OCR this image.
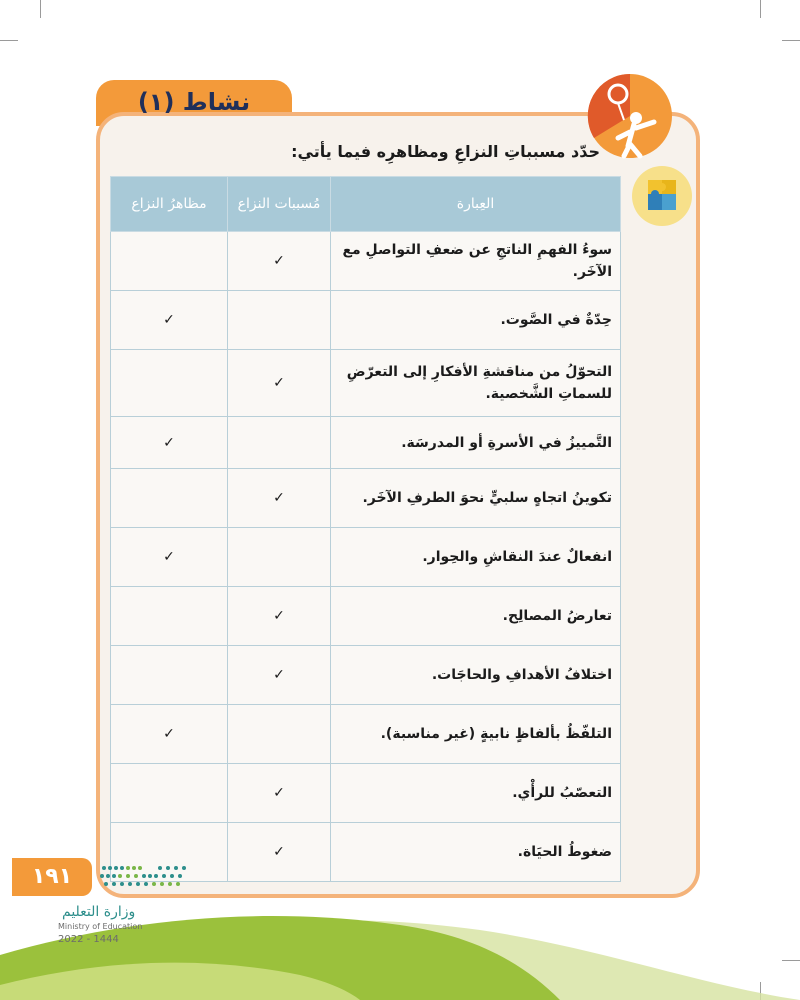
نشاط (١)
حدّد مسبباتِ النزاعِ ومظاهرِه فيما يأتي:
العِبارة	مُسببات النزاع	مظاهرُ النزاع
سوءُ الفهمِ الناتجِ عن ضعفِ التواصلِ مع الآخَر.	✓	
حِدّةٌ في الصَّوت.		✓
التحوّلُ من مناقشةِ الأفكارِ إلى التعرّضِ للسماتِ الشَّخصية.	✓	
التَّمييزُ في الأسرةِ أو المدرسَة.		✓
تكوينُ اتجاهٍ سلبيٍّ نحوَ الطرفِ الآخَر.	✓	
انفعالٌ عندَ النقاشِ والحِوار.		✓
تعارضُ المصالِح.	✓	
اختلافُ الأهدافِ والحاجَات.	✓	
التلفّظُ بألفاظٍ نابيةٍ (غير مناسبة).		✓
التعصّبُ للرأْي.	✓	
ضغوطُ الحيَاة.	✓	
١٩١
وزارة التعليم
Ministry of Education
2022 - 1444
